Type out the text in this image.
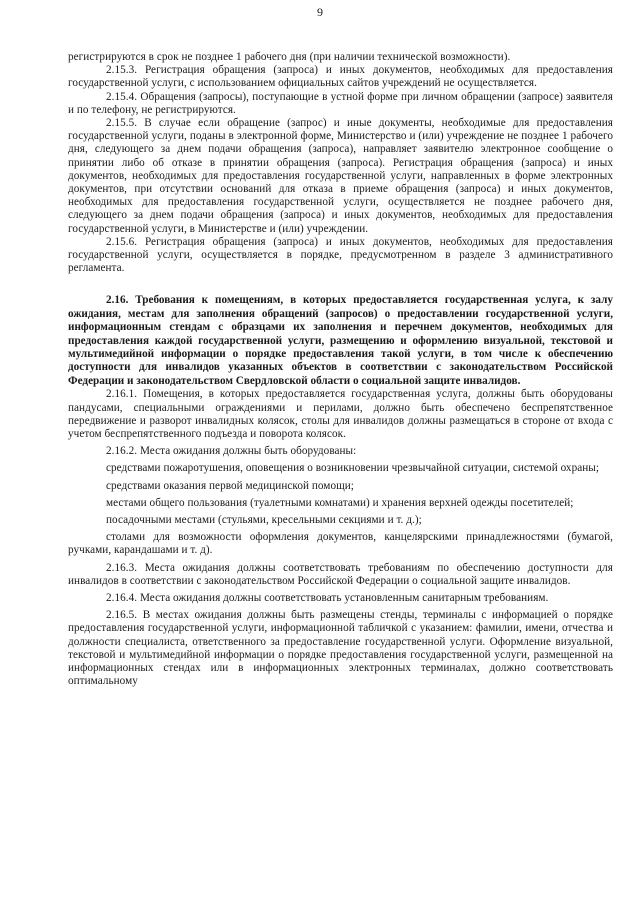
9

регистрируются в срок не позднее 1 рабочего дня (при наличии технической возможности).

2.15.3. Регистрация обращения (запроса) и иных документов, необходимых для предоставления государственной услуги, с использованием официальных сайтов учреждений не осуществляется.

2.15.4. Обращения (запросы), поступающие в устной форме при личном обращении (запросе) заявителя и по телефону, не регистрируются.

2.15.5. В случае если обращение (запрос) и иные документы, необходимые для предоставления государственной услуги, поданы в электронной форме, Министерство и (или) учреждение не позднее 1 рабочего дня, следующего за днем подачи обращения (запроса), направляет заявителю электронное сообщение о принятии либо об отказе в принятии обращения (запроса). Регистрация обращения (запроса) и иных документов, необходимых для предоставления государственной услуги, направленных в форме электронных документов, при отсутствии оснований для отказа в приеме обращения (запроса) и иных документов, необходимых для предоставления государственной услуги, осуществляется не позднее рабочего дня, следующего за днем подачи обращения (запроса) и иных документов, необходимых для предоставления государственной услуги, в Министерстве и (или) учреждении.

2.15.6. Регистрация обращения (запроса) и иных документов, необходимых для предоставления государственной услуги, осуществляется в порядке, предусмотренном в разделе 3 административного регламента.

2.16. Требования к помещениям, в которых предоставляется государственная услуга, к залу ожидания, местам для заполнения обращений (запросов) о предоставлении государственной услуги, информационным стендам с образцами их заполнения и перечнем документов, необходимых для предоставления каждой государственной услуги, размещению и оформлению визуальной, текстовой и мультимедийной информации о порядке предоставления такой услуги, в том числе к обеспечению доступности для инвалидов указанных объектов в соответствии с законодательством Российской Федерации и законодательством Свердловской области о социальной защите инвалидов.

2.16.1. Помещения, в которых предоставляется государственная услуга, должны быть оборудованы пандусами, специальными ограждениями и перилами, должно быть обеспечено беспрепятственное передвижение и разворот инвалидных колясок, столы для инвалидов должны размещаться в стороне от входа с учетом беспрепятственного подъезда и поворота колясок.

2.16.2. Места ожидания должны быть оборудованы:

средствами пожаротушения, оповещения о возникновении чрезвычайной ситуации, системой охраны;

средствами оказания первой медицинской помощи;

местами общего пользования (туалетными комнатами) и хранения верхней одежды посетителей;

посадочными местами (стульями, кресельными секциями и т. д.);

столами для возможности оформления документов, канцелярскими принадлежностями (бумагой, ручками, карандашами и т. д).

2.16.3. Места ожидания должны соответствовать требованиям по обеспечению доступности для инвалидов в соответствии с законодательством Российской Федерации о социальной защите инвалидов.

2.16.4. Места ожидания должны соответствовать установленным санитарным требованиям.

2.16.5. В местах ожидания должны быть размещены стенды, терминалы с информацией о порядке предоставления государственной услуги, информационной табличкой с указанием: фамилии, имени, отчества и должности специалиста, ответственного за предоставление государственной услуги. Оформление визуальной, текстовой и мультимедийной информации о порядке предоставления государственной услуги, размещенной на информационных стендах или в информационных электронных терминалах, должно соответствовать оптимальному
